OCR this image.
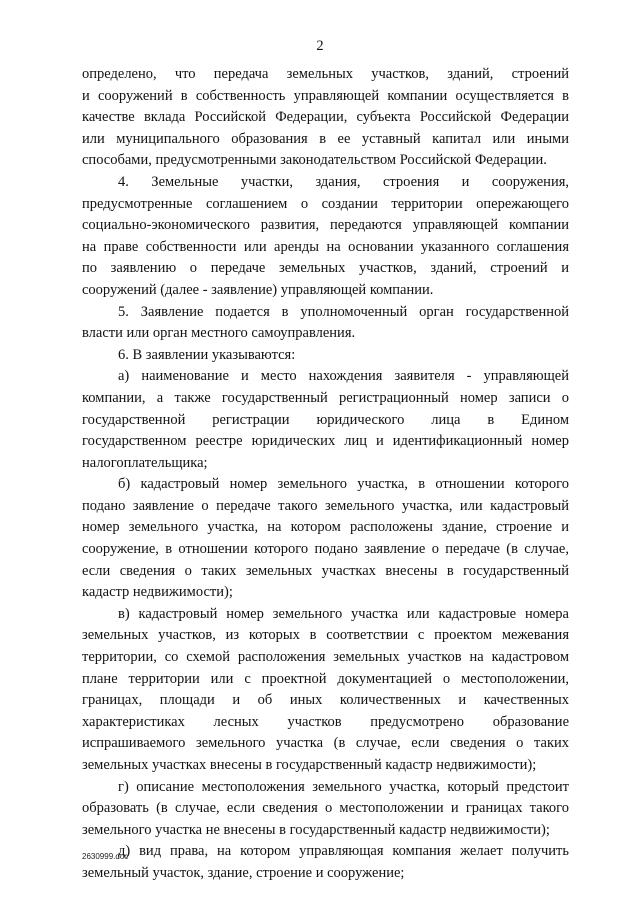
2
определено, что передача земельных участков, зданий, строений
и сооружений в собственность управляющей компании осуществляется в
качестве вклада Российской Федерации, субъекта Российской Федерации
или муниципального образования в ее уставный капитал или иными
способами, предусмотренными законодательством Российской Федерации.
4. Земельные участки, здания, строения и сооружения,
предусмотренные соглашением о создании территории опережающего
социально-экономического развития, передаются управляющей компании
на праве собственности или аренды на основании указанного соглашения
по заявлению о передаче земельных участков, зданий, строений и
сооружений (далее - заявление) управляющей компании.
5. Заявление подается в уполномоченный орган государственной
власти или орган местного самоуправления.
6. В заявлении указываются:
а) наименование и место нахождения заявителя - управляющей
компании, а также государственный регистрационный номер записи о
государственной регистрации юридического лица в Едином
государственном реестре юридических лиц и идентификационный номер
налогоплательщика;
б) кадастровый номер земельного участка, в отношении которого
подано заявление о передаче такого земельного участка, или кадастровый
номер земельного участка, на котором расположены здание, строение и
сооружение, в отношении которого подано заявление о передаче (в случае,
если сведения о таких земельных участках внесены в государственный
кадастр недвижимости);
в) кадастровый номер земельного участка или кадастровые номера
земельных участков, из которых в соответствии с проектом межевания
территории, со схемой расположения земельных участков на кадастровом
плане территории или с проектной документацией о местоположении,
границах, площади и об иных количественных и качественных
характеристиках лесных участков предусмотрено образование
испрашиваемого земельного участка (в случае, если сведения о таких
земельных участках внесены в государственный кадастр недвижимости);
г) описание местоположения земельного участка, который предстоит
образовать (в случае, если сведения о местоположении и границах такого
земельного участка не внесены в государственный кадастр недвижимости);
д) вид права, на котором управляющая компания желает получить
земельный участок, здание, строение и сооружение;
2630999.doc
